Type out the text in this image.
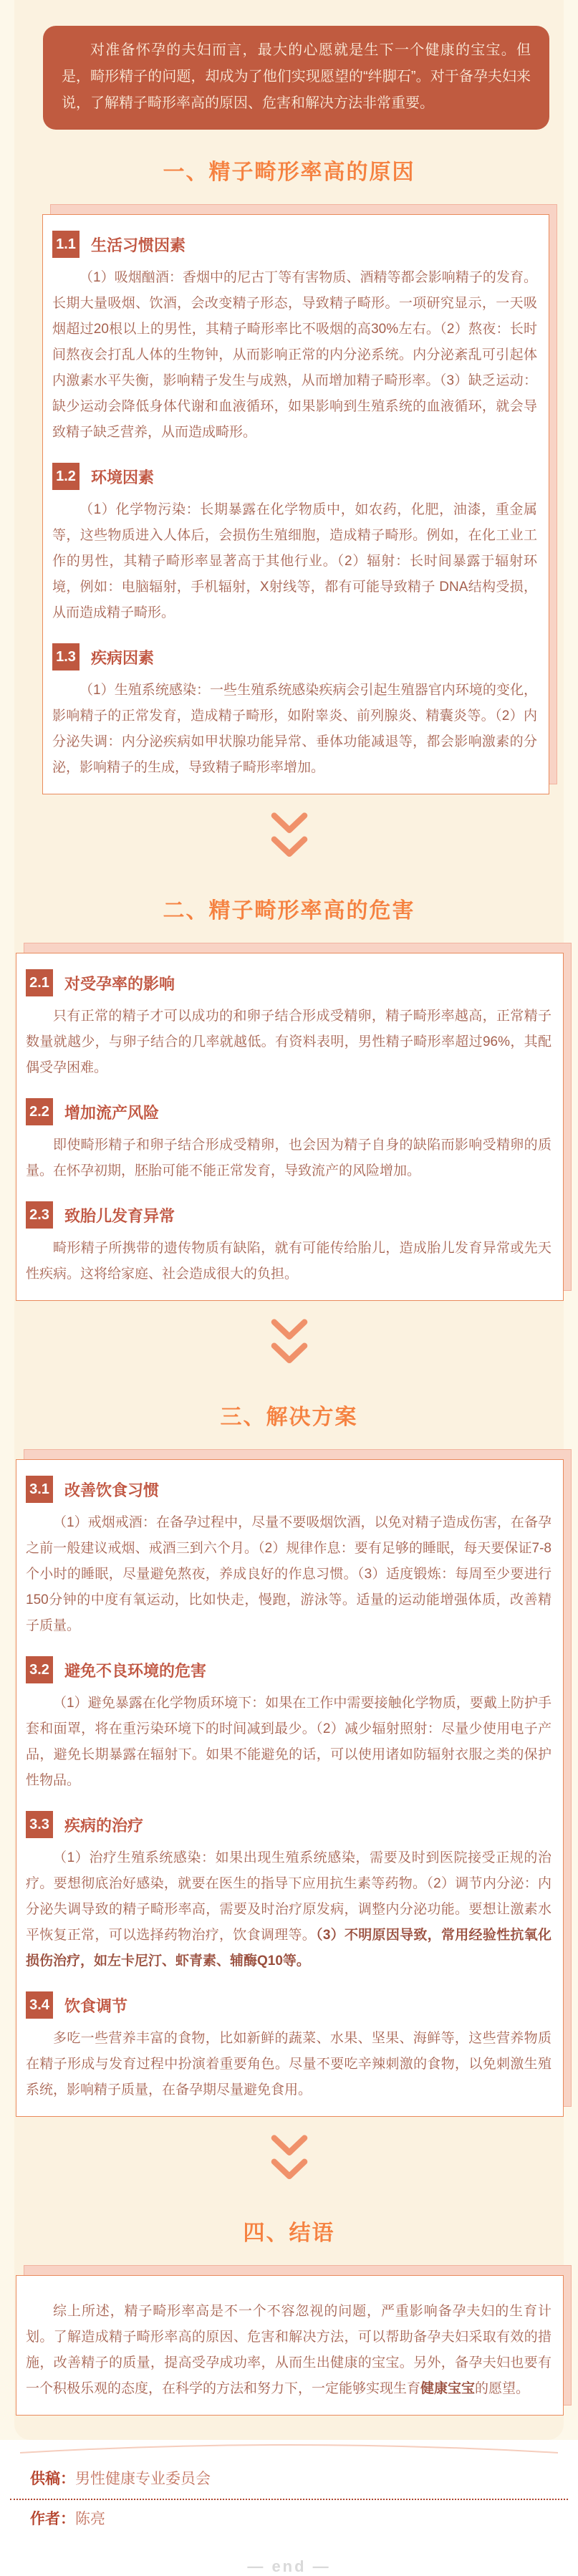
对准备怀孕的夫妇而言，最大的心愿就是生下一个健康的宝宝。但是，畸形精子的问题，却成为了他们实现愿望的“绊脚石”。对于备孕夫妇来说，了解精子畸形率高的原因、危害和解决方法非常重要。

一、精子畸形率高的原因
1.1 生活习惯因素

（1）吸烟酗酒：香烟中的尼古丁等有害物质、酒精等都会影响精子的发育。长期大量吸烟、饮酒，会改变精子形态，导致精子畸形。一项研究显示，一天吸烟超过20根以上的男性，其精子畸形率比不吸烟的高30%左右。（2）熬夜：长时间熬夜会打乱人体的生物钟，从而影响正常的内分泌系统。内分泌紊乱可引起体内激素水平失衡，影响精子发生与成熟，从而增加精子畸形率。（3）缺乏运动：缺少运动会降低身体代谢和血液循环，如果影响到生殖系统的血液循环，就会导致精子缺乏营养，从而造成畸形。

1.2 环境因素

（1）化学物污染：长期暴露在化学物质中，如农药，化肥，油漆，重金属等，这些物质进入人体后，会损伤生殖细胞，造成精子畸形。例如，在化工业工作的男性，其精子畸形率显著高于其他行业。（2）辐射：长时间暴露于辐射环境，例如：电脑辐射，手机辐射，X射线等，都有可能导致精子 DNA结构受损，从而造成精子畸形。

1.3 疾病因素

（1）生殖系统感染：一些生殖系统感染疾病会引起生殖器官内环境的变化，影响精子的正常发育，造成精子畸形，如附睾炎、前列腺炎、精囊炎等。（2）内分泌失调：内分泌疾病如甲状腺功能异常、垂体功能减退等，都会影响激素的分泌，影响精子的生成，导致精子畸形率增加。

二、精子畸形率高的危害
2.1 对受孕率的影响

只有正常的精子才可以成功的和卵子结合形成受精卵，精子畸形率越高，正常精子数量就越少，与卵子结合的几率就越低。有资料表明，男性精子畸形率超过96%，其配偶受孕困难。

2.2 增加流产风险

即使畸形精子和卵子结合形成受精卵，也会因为精子自身的缺陷而影响受精卵的质量。在怀孕初期，胚胎可能不能正常发育，导致流产的风险增加。

2.3 致胎儿发育异常

畸形精子所携带的遗传物质有缺陷，就有可能传给胎儿，造成胎儿发育异常或先天性疾病。这将给家庭、社会造成很大的负担。

三、解决方案
3.1 改善饮食习惯

（1）戒烟戒酒：在备孕过程中，尽量不要吸烟饮酒，以免对精子造成伤害，在备孕之前一般建议戒烟、戒酒三到六个月。（2）规律作息：要有足够的睡眠，每天要保证7-8个小时的睡眠，尽量避免熬夜，养成良好的作息习惯。（3）适度锻炼：每周至少要进行150分钟的中度有氧运动，比如快走，慢跑，游泳等。适量的运动能增强体质，改善精子质量。

3.2 避免不良环境的危害

（1）避免暴露在化学物质环境下：如果在工作中需要接触化学物质，要戴上防护手套和面罩，将在重污染环境下的时间减到最少。（2）减少辐射照射：尽量少使用电子产品，避免长期暴露在辐射下。如果不能避免的话，可以使用诸如防辐射衣服之类的保护性物品。

3.3 疾病的治疗

（1）治疗生殖系统感染：如果出现生殖系统感染，需要及时到医院接受正规的治疗。要想彻底治好感染，就要在医生的指导下应用抗生素等药物。（2）调节内分泌：内分泌失调导致的精子畸形率高，需要及时治疗原发病，调整内分泌功能。要想让激素水平恢复正常，可以选择药物治疗，饮食调理等。（3）不明原因导致，常用经验性抗氧化损伤治疗，如左卡尼汀、虾青素、辅酶Q10等。

3.4 饮食调节

多吃一些营养丰富的食物，比如新鲜的蔬菜、水果、坚果、海鲜等，这些营养物质在精子形成与发育过程中扮演着重要角色。尽量不要吃辛辣刺激的食物，以免刺激生殖系统，影响精子质量，在备孕期尽量避免食用。

四、结语

综上所述，精子畸形率高是不一个不容忽视的问题，严重影响备孕夫妇的生育计划。了解造成精子畸形率高的原因、危害和解决方法，可以帮助备孕夫妇采取有效的措施，改善精子的质量，提高受孕成功率，从而生出健康的宝宝。另外，备孕夫妇也要有一个积极乐观的态度，在科学的方法和努力下，一定能够实现生育健康宝宝的愿望。

供稿：男性健康专业委员会
作者：陈亮
— end —
